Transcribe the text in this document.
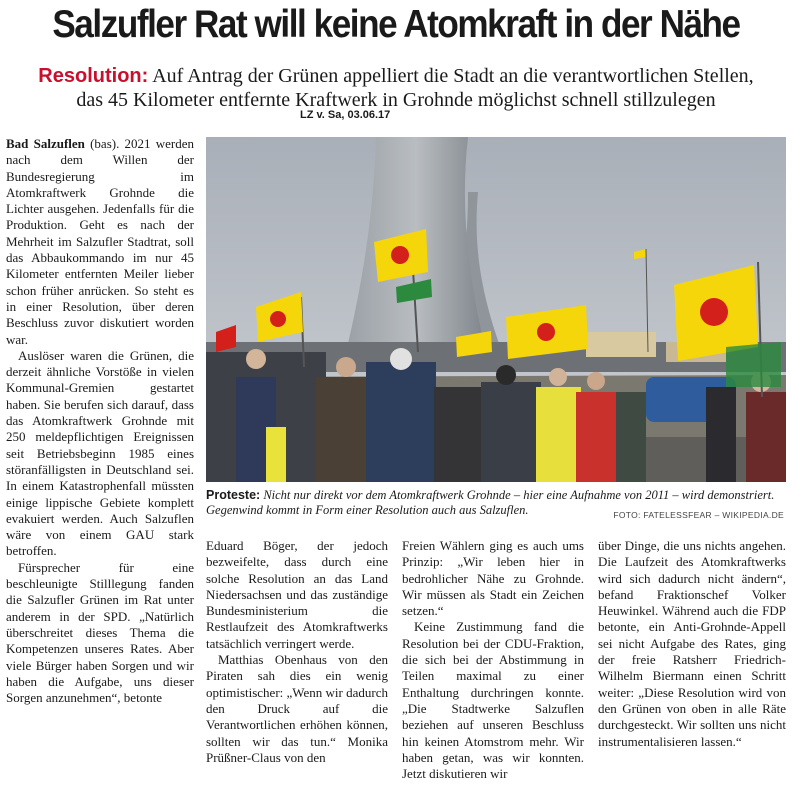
Salzufler Rat will keine Atomkraft in der Nähe
Resolution: Auf Antrag der Grünen appelliert die Stadt an die verantwortlichen Stellen,
das 45 Kilometer entfernte Kraftwerk in Grohnde möglichst schnell stillzulegen
LZ v. Sa, 03.06.17

Bad Salzuflen (bas). 2021 werden nach dem Willen der Bundesregierung im Atomkraftwerk Grohnde die Lichter ausgehen. Jedenfalls für die Produktion. Geht es nach der Mehrheit im Salzufler Stadtrat, soll das Abbaukommando im nur 45 Kilometer entfernten Meiler lieber schon früher anrücken. So steht es in einer Resolution, über deren Beschluss zuvor diskutiert worden war.

Auslöser waren die Grünen, die derzeit ähnliche Vorstöße in vielen Kommunal-Gremien gestartet haben. Sie berufen sich darauf, dass das Atomkraftwerk Grohnde mit 250 meldepflichtigen Ereignissen seit Betriebsbeginn 1985 eines störanfälligsten in Deutschland sei. In einem Katastrophenfall müssten einige lippische Gebiete komplett evakuiert werden. Auch Salzuflen wäre von einem GAU stark betroffen.

Fürsprecher für eine beschleunigte Stilllegung fanden die Salzufler Grünen im Rat unter anderem in der SPD. „Natürlich überschreitet dieses Thema die Kompetenzen unseres Rates. Aber viele Bürger haben Sorgen und wir haben die Aufgabe, uns dieser Sorgen anzunehmen“, betonte

Proteste: Nicht nur direkt vor dem Atomkraftwerk Grohnde – hier eine Aufnahme von 2011 – wird demonstriert. Gegenwind kommt in Form einer Resolution auch aus Salzuflen.	FOTO: FATELESSFEAR – WIKIPEDIA.DE

Eduard Böger, der jedoch bezweifelte, dass durch eine solche Resolution an das Land Niedersachsen und das zuständige Bundesministerium die Restlaufzeit des Atomkraftwerks tatsächlich verringert werde.

Matthias Obenhaus von den Piraten sah dies ein wenig optimistischer: „Wenn wir dadurch den Druck auf die Verantwortlichen erhöhen können, sollten wir das tun.“ Monika Prüßner-Claus von den

Freien Wählern ging es auch ums Prinzip: „Wir leben hier in bedrohlicher Nähe zu Grohnde. Wir müssen als Stadt ein Zeichen setzen.“

Keine Zustimmung fand die Resolution bei der CDU-Fraktion, die sich bei der Abstimmung in Teilen maximal zu einer Enthaltung durchringen konnte. „Die Stadtwerke Salzuflen beziehen auf unseren Beschluss hin keinen Atomstrom mehr. Wir haben getan, was wir konnten. Jetzt diskutieren wir

über Dinge, die uns nichts angehen. Die Laufzeit des Atomkraftwerks wird sich dadurch nicht ändern“, befand Fraktionschef Volker Heuwinkel. Während auch die FDP betonte, ein Anti-Grohnde-Appell sei nicht Aufgabe des Rates, ging der freie Ratsherr Friedrich-Wilhelm Biermann einen Schritt weiter: „Diese Resolution wird von den Grünen von oben in alle Räte durchgesteckt. Wir sollten uns nicht instrumentalisieren lassen.“
